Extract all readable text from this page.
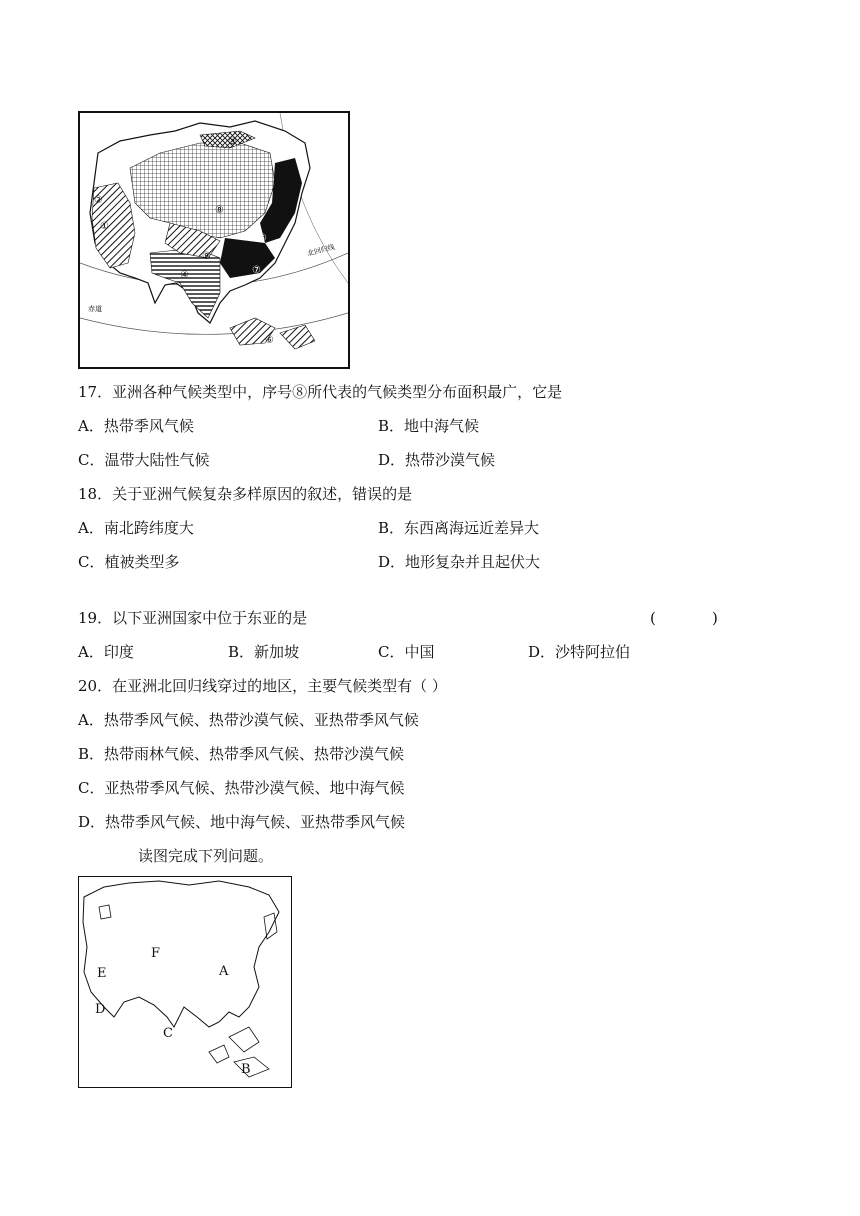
①
②
③
④
⑤
⑥
⑦
⑧
⑨	北回归线
赤道
17．亚洲各种气候类型中，序号⑧所代表的气候类型分布面积最广，它是
A．热带季风气候	B．地中海气候
C．温带大陆性气候	D．热带沙漠气候
18．关于亚洲气候复杂多样原因的叙述，错误的是
A．南北跨纬度大	B．东西离海远近差异大
C．植被类型多	D．地形复杂并且起伏大
19．以下亚洲国家中位于东亚的是	(	)
A．印度	B．新加坡	C．中国	D．沙特阿拉伯
20．在亚洲北回归线穿过的地区，主要气候类型有（ ）
A．热带季风气候、热带沙漠气候、亚热带季风气候
B．热带雨林气候、热带季风气候、热带沙漠气候
C．亚热带季风气候、热带沙漠气候、地中海气候
D．热带季风气候、地中海气候、亚热带季风气候
读图完成下列问题。
A
B
C
D
E
F
